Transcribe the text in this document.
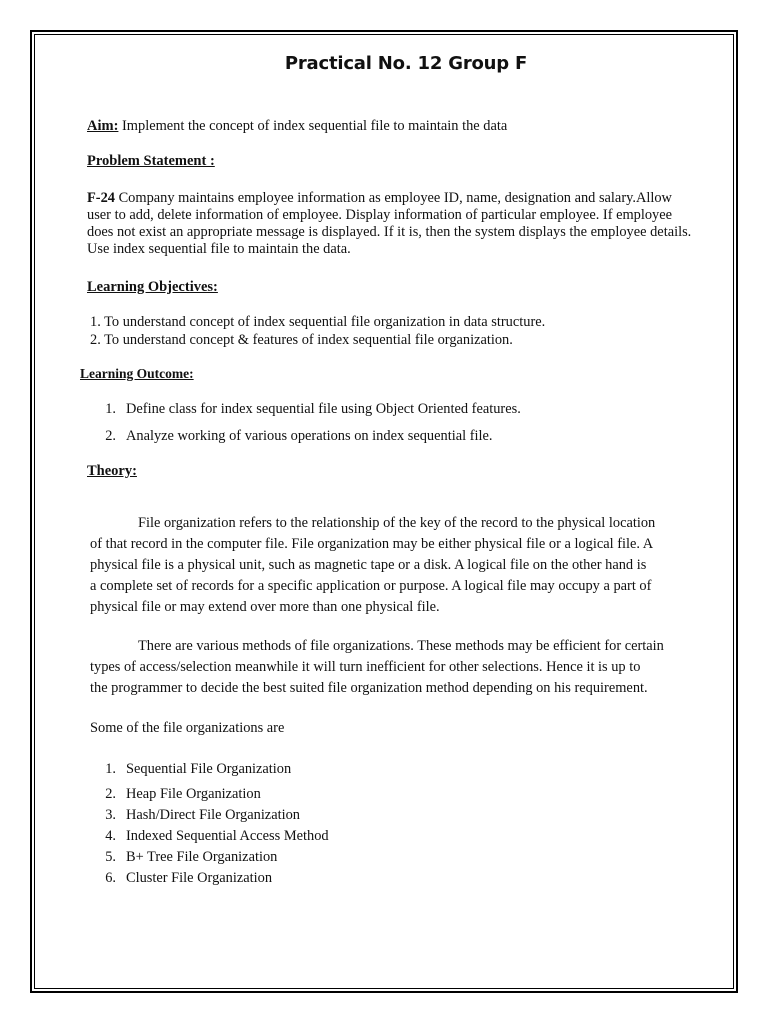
Practical No. 12 Group F
Aim: Implement the concept of index sequential file to maintain the data
Problem Statement :
F-24 Company maintains employee information as employee ID, name, designation and salary.Allow
user to add, delete information of employee. Display information of particular employee. If employee
does not exist an appropriate message is displayed. If it is, then the system displays the employee details.
Use index sequential file to maintain the data.
Learning Objectives:
1. To understand concept of index sequential file organization in data structure.
2. To understand concept & features of index sequential file organization.
Learning Outcome:
1. Define class for index sequential file using Object Oriented features.
2. Analyze working of various operations on index sequential file.
Theory:
File organization refers to the relationship of the key of the record to the physical location
of that record in the computer file. File organization may be either physical file or a logical file. A
physical file is a physical unit, such as magnetic tape or a disk. A logical file on the other hand is
a complete set of records for a specific application or purpose. A logical file may occupy a part of
physical file or may extend over more than one physical file.
There are various methods of file organizations. These methods may be efficient for certain
types of access/selection meanwhile it will turn inefficient for other selections. Hence it is up to
the programmer to decide the best suited file organization method depending on his requirement.
Some of the file organizations are
1. Sequential File Organization
2. Heap File Organization
3. Hash/Direct File Organization
4. Indexed Sequential Access Method
5. B+ Tree File Organization
6. Cluster File Organization
